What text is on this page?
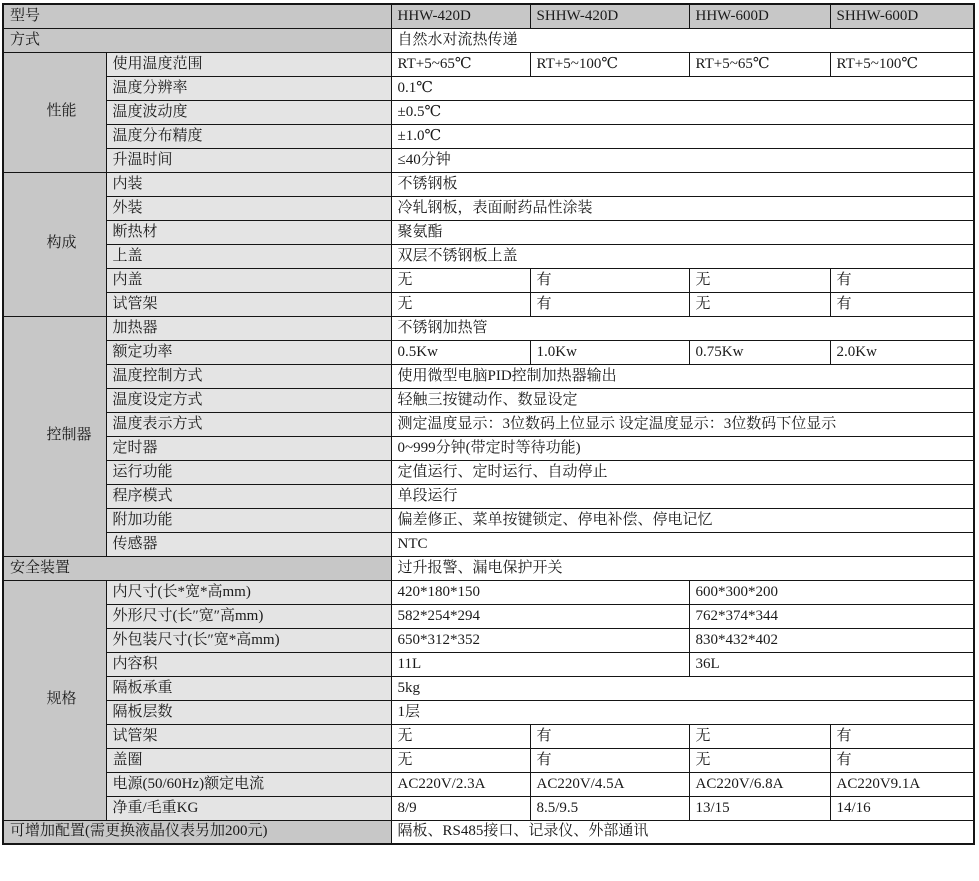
型号		HHW-420D	SHHW-420D	HHW-600D	SHHW-600D
方式		自然水对流热传递			
性能	使用温度范围	RT+5~65℃	RT+5~100℃	RT+5~65℃	RT+5~100℃
	温度分辨率	0.1℃			
	温度波动度	±0.5℃			
	温度分布精度	±1.0℃			
	升温时间	≤40分钟			
构成	内装	不锈钢板			
	外装	冷轧钢板，表面耐药品性涂装			
	断热材	聚氨酯			
	上盖	双层不锈钢板上盖			
	内盖	无	有	无	有
	试管架	无	有	无	有
控制器	加热器	不锈钢加热管			
	额定功率	0.5Kw	1.0Kw	0.75Kw	2.0Kw
	温度控制方式	使用微型电脑PID控制加热器输出			
	温度设定方式	轻触三按键动作、数显设定			
	温度表示方式	测定温度显示：3位数码上位显示 设定温度显示：3位数码下位显示			
	定时器	0~999分钟(带定时等待功能)			
	运行功能	定值运行、定时运行、自动停止			
	程序模式	单段运行			
	附加功能	偏差修正、菜单按键锁定、停电补偿、停电记忆			
	传感器	NTC			
安全装置		过升报警、漏电保护开关			
规格	内尺寸(长*宽*高mm)	420*180*150		600*300*200	
	外形尺寸(长″宽″高mm)	582*254*294		762*374*344	
	外包装尺寸(长″宽*高mm)	650*312*352		830*432*402	
	内容积	11L		36L	
	隔板承重	5kg			
	隔板层数	1层			
	试管架	无	有	无	有
	盖圈	无	有	无	有
	电源(50/60Hz)额定电流	AC220V/2.3A	AC220V/4.5A	AC220V/6.8A	AC220V9.1A
	净重/毛重KG	8/9	8.5/9.5	13/15	14/16
可增加配置(需更换液晶仪表另加200元)		隔板、RS485接口、记录仪、外部通讯			
